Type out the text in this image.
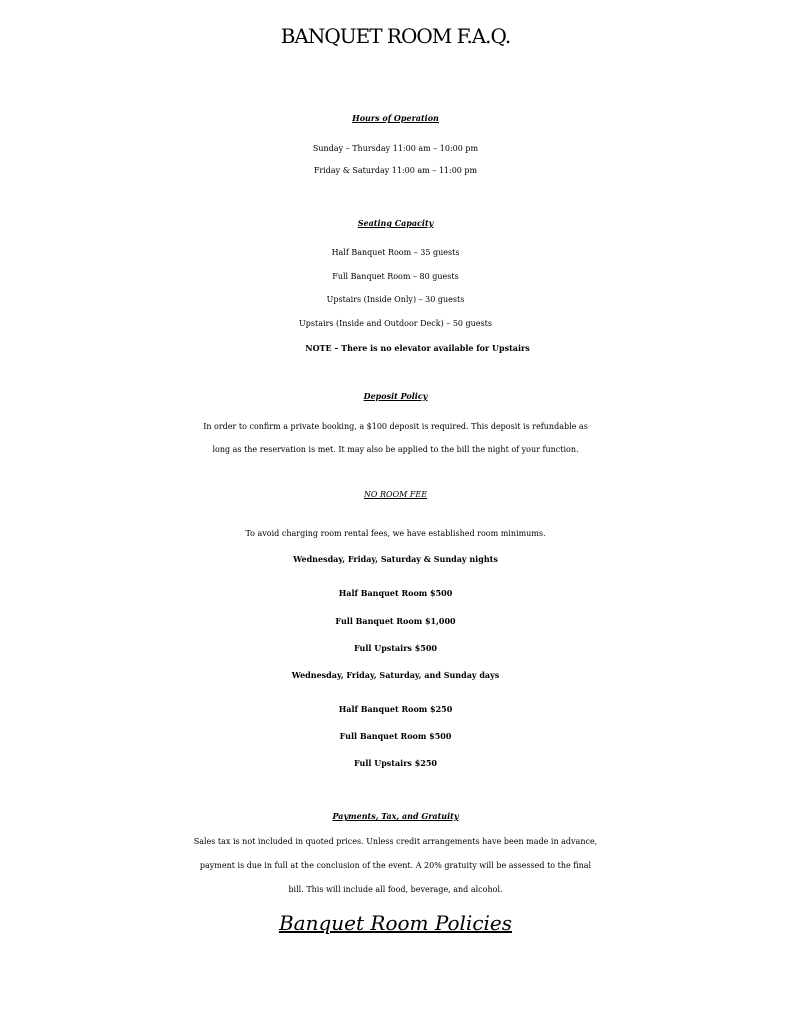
BANQUET ROOM F.A.Q.
Hours of Operation
Sunday – Thursday 11:00 am – 10:00 pm
Friday & Saturday 11:00 am – 11:00 pm
Seating Capacity
Half Banquet Room – 35 guests
Full Banquet Room – 80 guests
Upstairs (Inside Only) – 30 guests
Upstairs (Inside and Outdoor Deck) – 50 guests
NOTE – There is no elevator available for Upstairs
Deposit Policy
In order to confirm a private booking, a $100 deposit is required. This deposit is refundable as
long as the reservation is met. It may also be applied to the bill the night of your function.
NO ROOM FEE
To avoid charging room rental fees, we have established room minimums.
Wednesday, Friday, Saturday & Sunday nights
Half Banquet Room $500
Full Banquet Room $1,000
Full Upstairs $500
Wednesday, Friday, Saturday, and Sunday days
Half Banquet Room $250
Full Banquet Room $500
Full Upstairs $250
Payments, Tax, and Gratuity
Sales tax is not included in quoted prices. Unless credit arrangements have been made in advance,
payment is due in full at the conclusion of the event. A 20% gratuity will be assessed to the final
bill. This will include all food, beverage, and alcohol.
Banquet Room Policies
